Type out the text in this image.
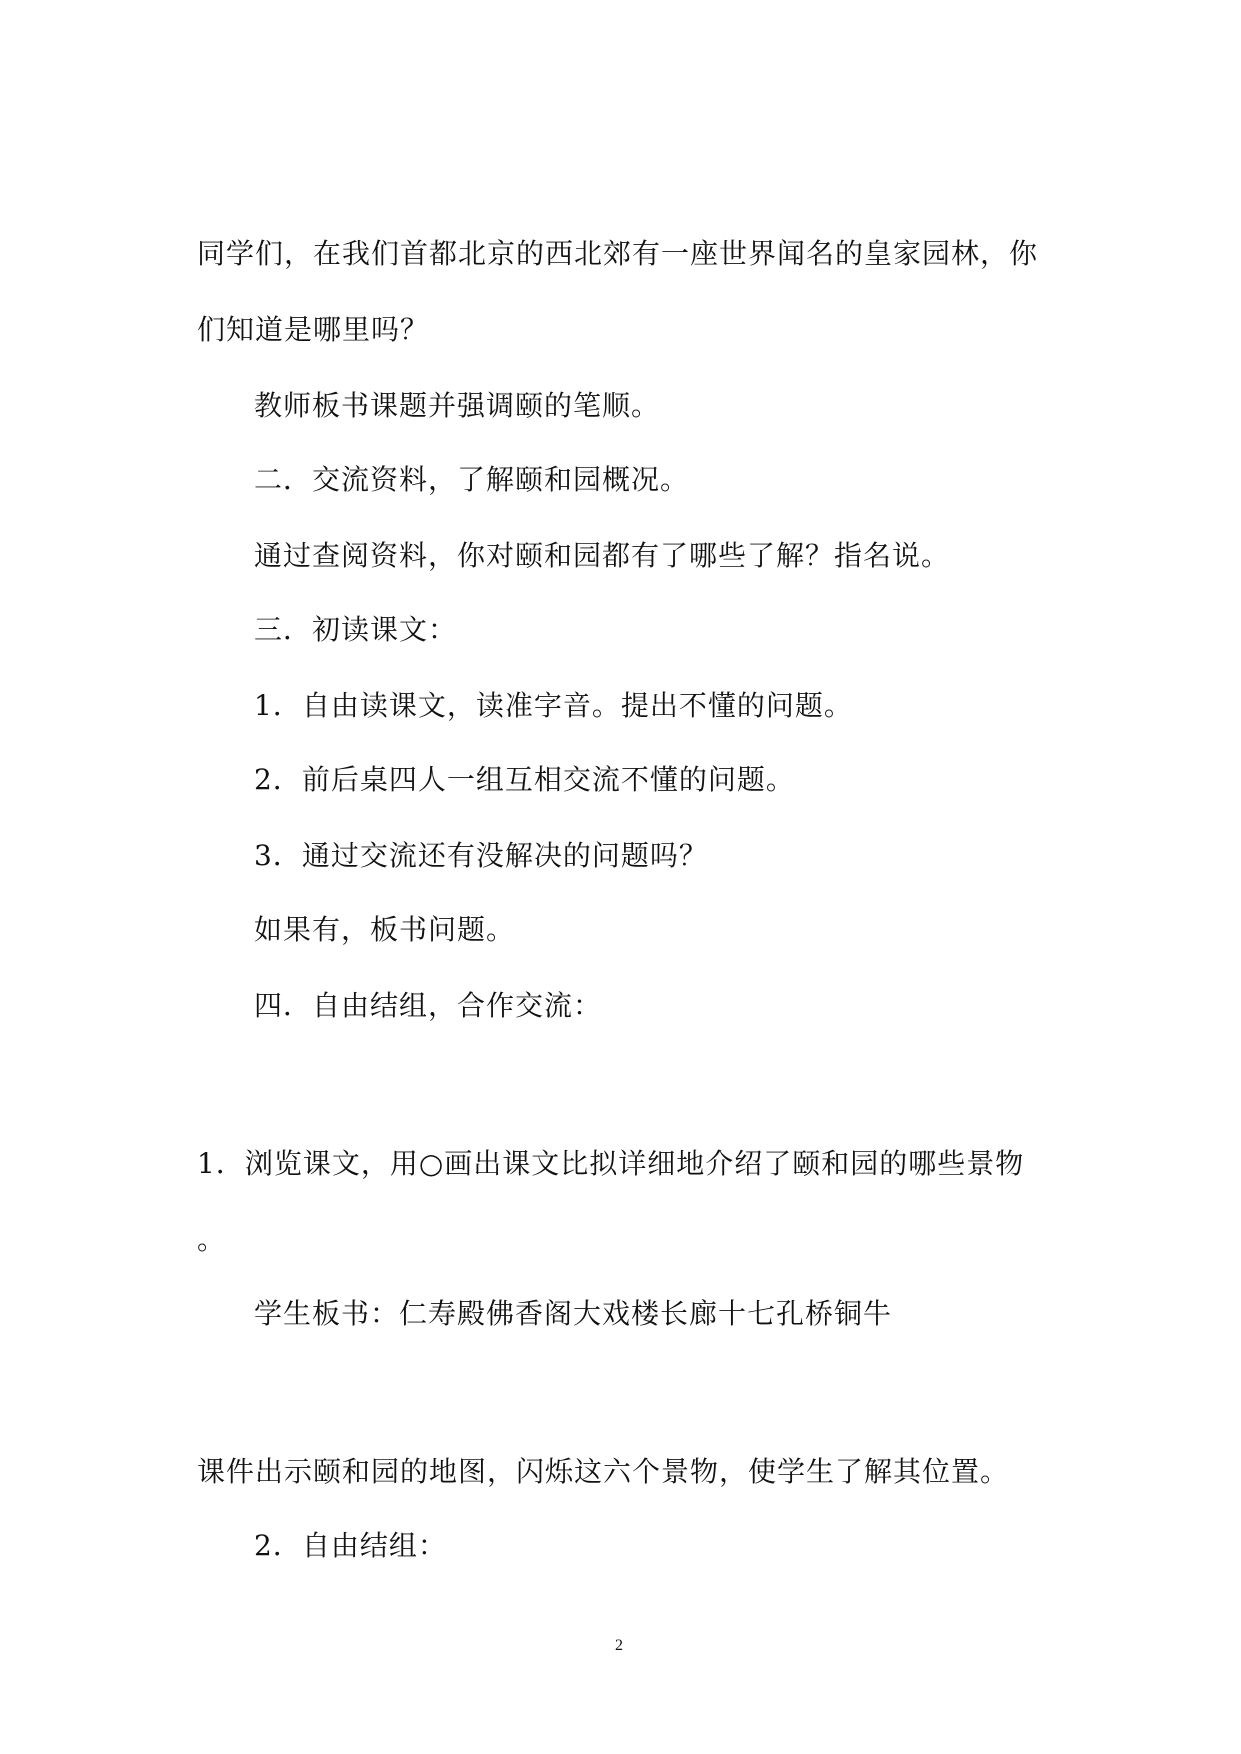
同学们，在我们首都北京的西北郊有一座世界闻名的皇家园林，你
们知道是哪里吗？
教师板书课题并强调颐的笔顺。
二．交流资料，了解颐和园概况。
通过查阅资料，你对颐和园都有了哪些了解？指名说。
三．初读课文：
1．自由读课文，读准字音。提出不懂的问题。
2．前后桌四人一组互相交流不懂的问题。
3．通过交流还有没解决的问题吗？
如果有，板书问题。
四．自由结组，合作交流：
1．浏览课文，用○画出课文比拟详细地介绍了颐和园的哪些景物
。
学生板书：仁寿殿佛香阁大戏楼长廊十七孔桥铜牛
课件出示颐和园的地图，闪烁这六个景物，使学生了解其位置。
2．自由结组：
2
